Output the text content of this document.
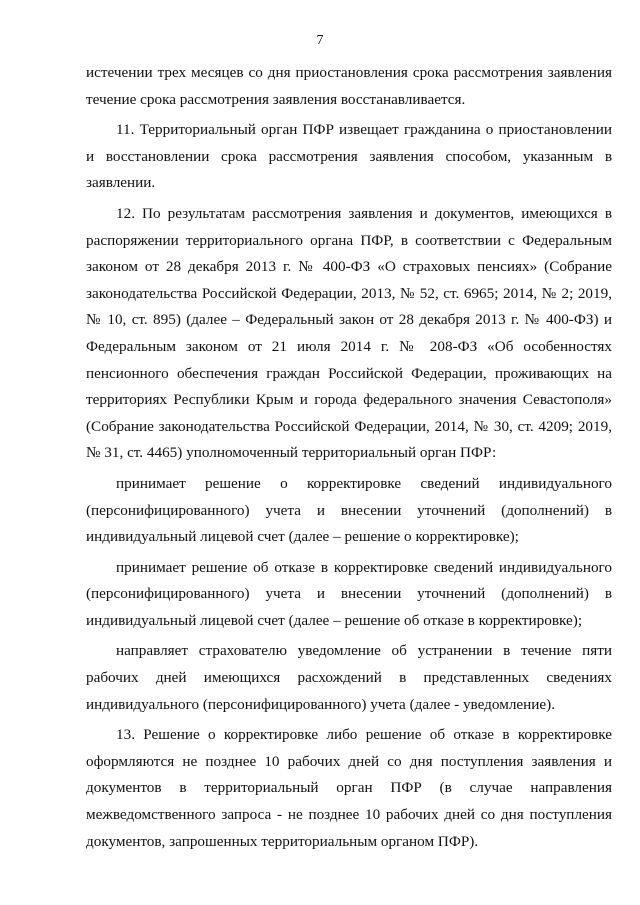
7

истечении трех месяцев со дня приостановления срока рассмотрения заявления течение срока рассмотрения заявления восстанавливается.

11. Территориальный орган ПФР извещает гражданина о приостановлении и восстановлении срока рассмотрения заявления способом, указанным в заявлении.

12. По результатам рассмотрения заявления и документов, имеющихся в распоряжении территориального органа ПФР, в соответствии с Федеральным законом от 28 декабря 2013 г. № 400-ФЗ «О страховых пенсиях» (Собрание законодательства Российской Федерации, 2013, № 52, ст. 6965; 2014, № 2; 2019, № 10, ст. 895) (далее – Федеральный закон от 28 декабря 2013 г. № 400-ФЗ) и Федеральным законом от 21 июля 2014 г. № 208-ФЗ «Об особенностях пенсионного обеспечения граждан Российской Федерации, проживающих на территориях Республики Крым и города федерального значения Севастополя» (Собрание законодательства Российской Федерации, 2014, № 30, ст. 4209; 2019, № 31, ст. 4465) уполномоченный территориальный орган ПФР:

принимает решение о корректировке сведений индивидуального (персонифицированного) учета и внесении уточнений (дополнений) в индивидуальный лицевой счет (далее – решение о корректировке);

принимает решение об отказе в корректировке сведений индивидуального (персонифицированного) учета и внесении уточнений (дополнений) в индивидуальный лицевой счет (далее – решение об отказе в корректировке);

направляет страхователю уведомление об устранении в течение пяти рабочих дней имеющихся расхождений в представленных сведениях индивидуального (персонифицированного) учета (далее - уведомление).

13. Решение о корректировке либо решение об отказе в корректировке оформляются не позднее 10 рабочих дней со дня поступления заявления и документов в территориальный орган ПФР (в случае направления межведомственного запроса - не позднее 10 рабочих дней со дня поступления документов, запрошенных территориальным органом ПФР).
